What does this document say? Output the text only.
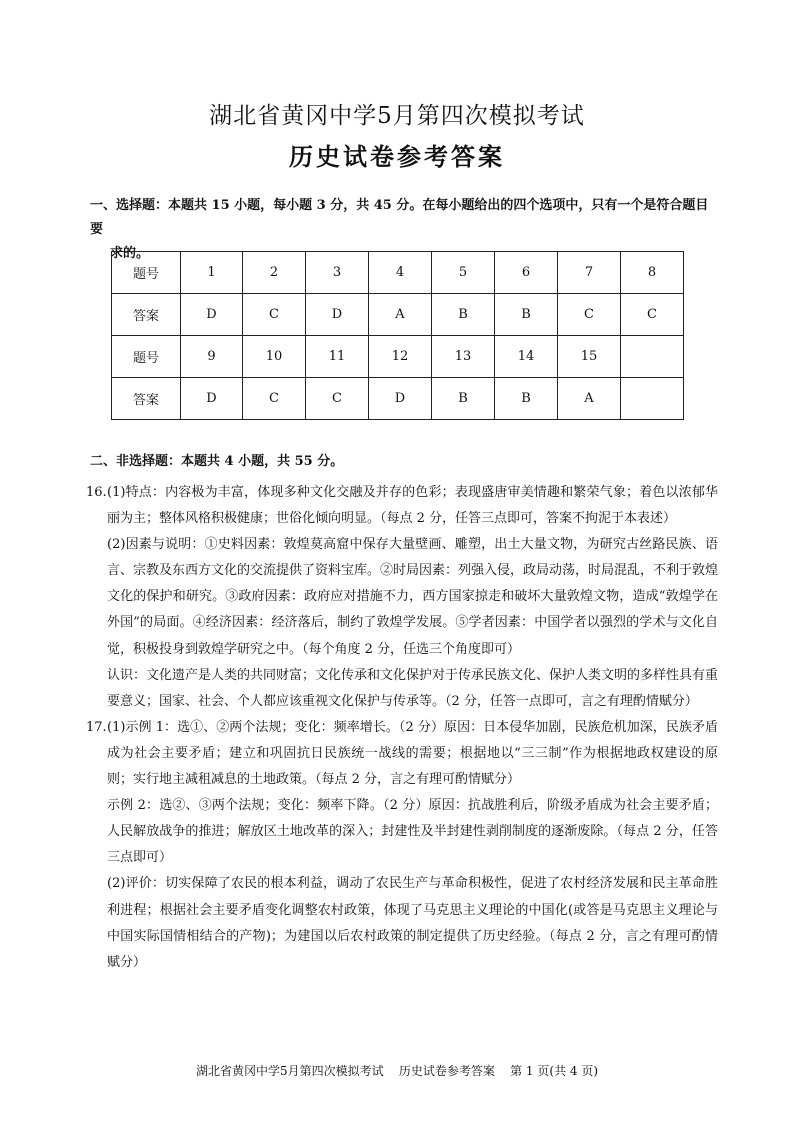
湖北省黄冈中学5月第四次模拟考试
历史试卷参考答案
一、选择题：本题共 15 小题，每小题 3 分，共 45 分。在每小题给出的四个选项中，只有一个是符合题目要
求的。
题号	1	2	3	4	5	6	7	8
答案	D	C	D	A	B	B	C	C
题号	9	10	11	12	13	14	15	
答案	D	C	C	D	B	B	A	
二、非选择题：本题共 4 小题，共 55 分。
16. (1)特点：内容极为丰富，体现多种文化交融及并存的色彩；表现盛唐审美情趣和繁荣气象；着色以浓郁华丽为主；整体风格积极健康；世俗化倾向明显。（每点 2 分，任答三点即可，答案不拘泥于本表述）
(2)因素与说明：①史料因素：敦煌莫高窟中保存大量壁画、雕塑，出土大量文物，为研究古丝路民族、语言、宗教及东西方文化的交流提供了资料宝库。②时局因素：列强入侵，政局动荡，时局混乱，不利于敦煌文化的保护和研究。③政府因素：政府应对措施不力，西方国家掠走和破坏大量敦煌文物，造成“敦煌学在外国”的局面。④经济因素：经济落后，制约了敦煌学发展。⑤学者因素：中国学者以强烈的学术与文化自觉，积极投身到敦煌学研究之中。（每个角度 2 分，任选三个角度即可）
认识：文化遗产是人类的共同财富；文化传承和文化保护对于传承民族文化、保护人类文明的多样性具有重要意义；国家、社会、个人都应该重视文化保护与传承等。（2 分，任答一点即可，言之有理酌情赋分）
17. (1)示例 1：选①、②两个法规；变化：频率增长。（2 分）原因：日本侵华加剧，民族危机加深，民族矛盾成为社会主要矛盾；建立和巩固抗日民族统一战线的需要；根据地以“三三制”作为根据地政权建设的原则；实行地主减租减息的土地政策。（每点 2 分，言之有理可酌情赋分）
示例 2：选②、③两个法规；变化：频率下降。（2 分）原因：抗战胜利后，阶级矛盾成为社会主要矛盾；人民解放战争的推进；解放区土地改革的深入；封建性及半封建性剥削制度的逐渐废除。（每点 2 分，任答三点即可）
(2)评价：切实保障了农民的根本利益，调动了农民生产与革命积极性，促进了农村经济发展和民主革命胜利进程；根据社会主要矛盾变化调整农村政策，体现了马克思主义理论的中国化(或答是马克思主义理论与中国实际国情相结合的产物)；为建国以后农村政策的制定提供了历史经验。（每点 2 分，言之有理可酌情赋分）
湖北省黄冈中学5月第四次模拟考试    历史试卷参考答案    第 1 页(共 4 页)
